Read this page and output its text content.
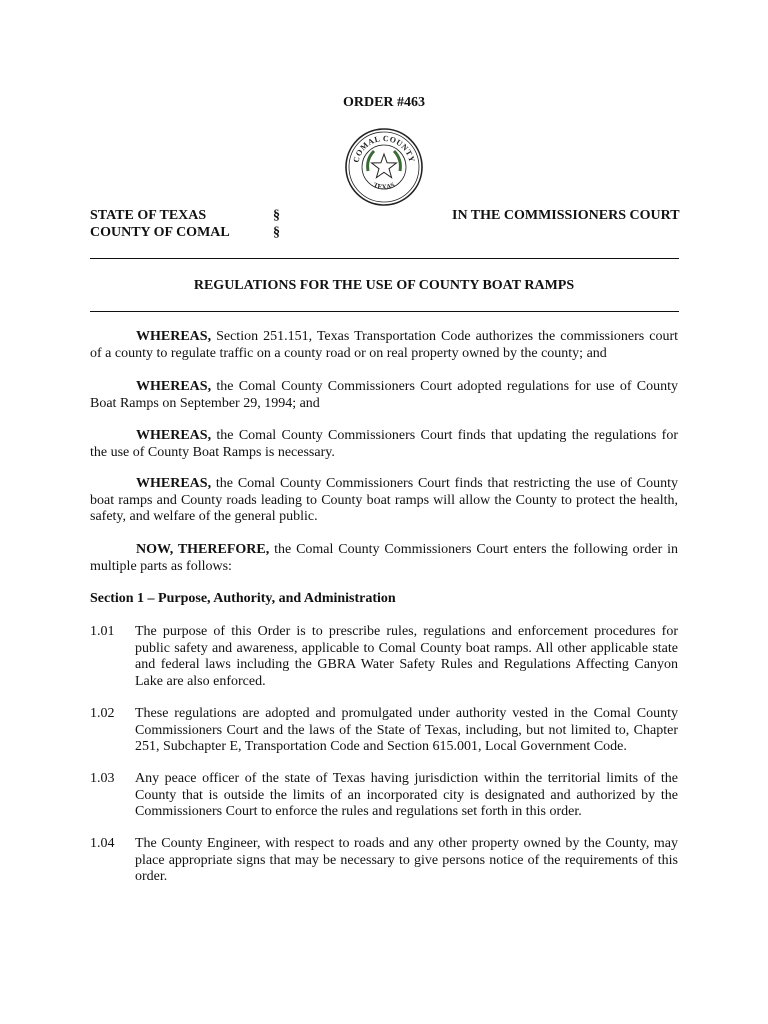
ORDER #463
COMAL COUNTY
TEXAS
STATE OF TEXAS
COUNTY OF COMAL
§
§
IN THE COMMISSIONERS COURT
REGULATIONS FOR THE USE OF COUNTY BOAT RAMPS
WHEREAS, Section 251.151, Texas Transportation Code authorizes the commissioners court of a county to regulate traffic on a county road or on real property owned by the county; and
WHEREAS, the Comal County Commissioners Court adopted regulations for use of County Boat Ramps on September 29, 1994; and
WHEREAS, the Comal County Commissioners Court finds that updating the regulations for the use of County Boat Ramps is necessary.
WHEREAS, the Comal County Commissioners Court finds that restricting the use of County boat ramps and County roads leading to County boat ramps will allow the County to protect the health, safety, and welfare of the general public.
NOW, THEREFORE, the Comal County Commissioners Court enters the following order in multiple parts as follows:
Section 1 – Purpose, Authority, and Administration
1.01 The purpose of this Order is to prescribe rules, regulations and enforcement procedures for public safety and awareness, applicable to Comal County boat ramps. All other applicable state and federal laws including the GBRA Water Safety Rules and Regulations Affecting Canyon Lake are also enforced.
1.02 These regulations are adopted and promulgated under authority vested in the Comal County Commissioners Court and the laws of the State of Texas, including, but not limited to, Chapter 251, Subchapter E, Transportation Code and Section 615.001, Local Government Code.
1.03 Any peace officer of the state of Texas having jurisdiction within the territorial limits of the County that is outside the limits of an incorporated city is designated and authorized by the Commissioners Court to enforce the rules and regulations set forth in this order.
1.04 The County Engineer, with respect to roads and any other property owned by the County, may place appropriate signs that may be necessary to give persons notice of the requirements of this order.
